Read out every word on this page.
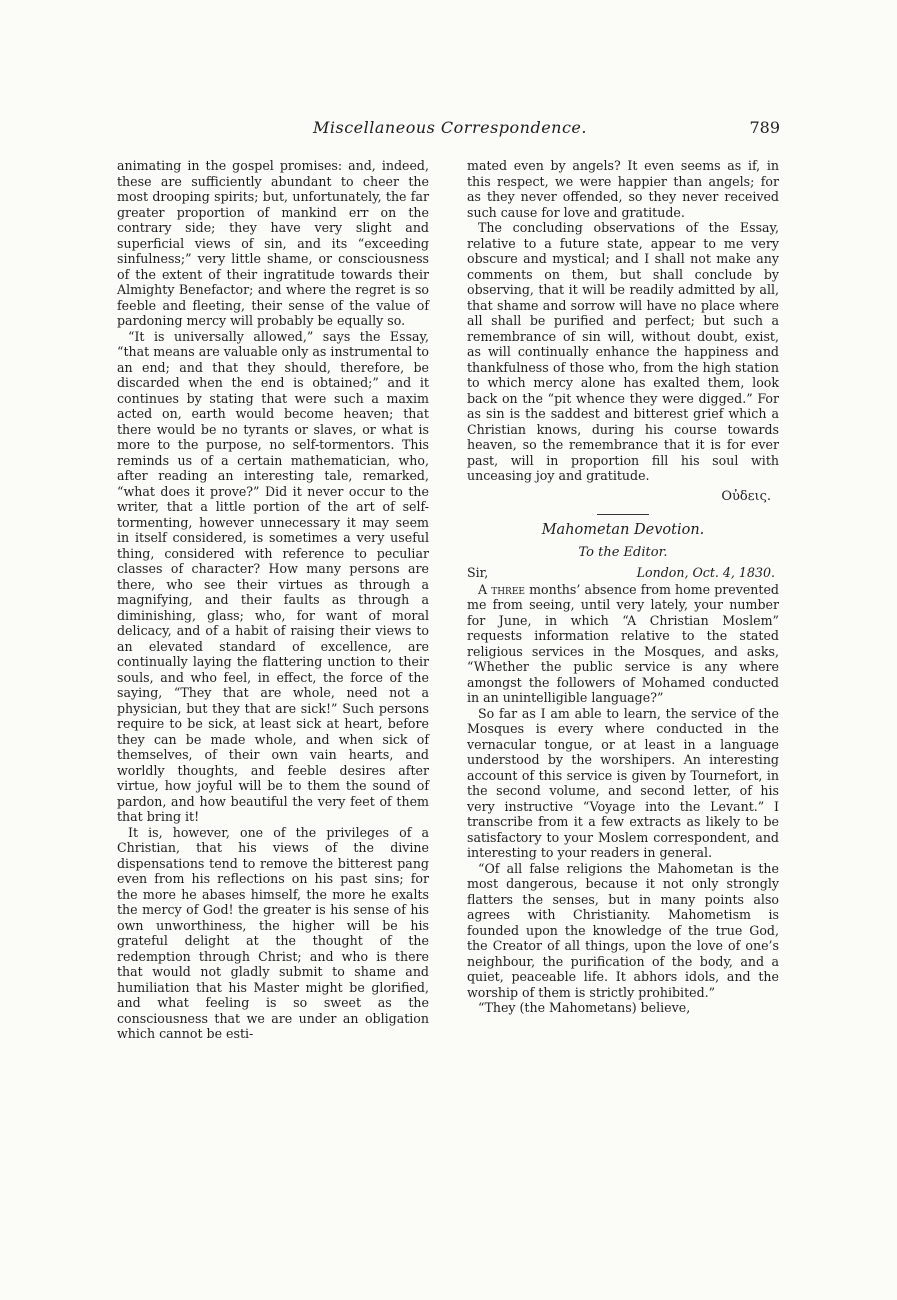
Miscellaneous Correspondence.	789

animating in the gospel promises: and, indeed, these are sufficiently abundant to cheer the most drooping spirits; but, unfortunately, the far greater proportion of mankind err on the contrary side; they have very slight and superficial views of sin, and its “exceeding sinfulness;” very little shame, or consciousness of the extent of their ingratitude towards their Almighty Benefactor; and where the regret is so feeble and fleeting, their sense of the value of pardoning mercy will probably be equally so.

“It is universally allowed,” says the Essay, “that means are valuable only as instrumental to an end; and that they should, therefore, be discarded when the end is obtained;” and it continues by stating that were such a maxim acted on, earth would become heaven; that there would be no tyrants or slaves, or what is more to the purpose, no self-tormentors. This reminds us of a certain mathematician, who, after reading an interesting tale, remarked, “what does it prove?” Did it never occur to the writer, that a little portion of the art of self-tormenting, however unnecessary it may seem in itself considered, is sometimes a very useful thing, considered with reference to peculiar classes of character? How many persons are there, who see their virtues as through a magnifying, and their faults as through a diminishing, glass; who, for want of moral delicacy, and of a habit of raising their views to an elevated standard of excellence, are continually laying the flattering unction to their souls, and who feel, in effect, the force of the saying, “They that are whole, need not a physician, but they that are sick!” Such persons require to be sick, at least sick at heart, before they can be made whole, and when sick of themselves, of their own vain hearts, and worldly thoughts, and feeble desires after virtue, how joyful will be to them the sound of pardon, and how beautiful the very feet of them that bring it!

It is, however, one of the privileges of a Christian, that his views of the divine dispensations tend to remove the bitterest pang even from his reflections on his past sins; for the more he abases himself, the more he exalts the mercy of God! the greater is his sense of his own unworthiness, the higher will be his grateful delight at the thought of the redemption through Christ; and who is there that would not gladly submit to shame and humiliation that his Master might be glorified, and what feeling is so sweet as the consciousness that we are under an obligation which cannot be esti-

mated even by angels? It even seems as if, in this respect, we were happier than angels; for as they never offended, so they never received such cause for love and gratitude.

The concluding observations of the Essay, relative to a future state, appear to me very obscure and mystical; and I shall not make any comments on them, but shall conclude by observing, that it will be readily admitted by all, that shame and sorrow will have no place where all shall be purified and perfect; but such a remembrance of sin will, without doubt, exist, as will continually enhance the happiness and thankfulness of those who, from the high station to which mercy alone has exalted them, look back on the “pit whence they were digged.” For as sin is the saddest and bitterest grief which a Christian knows, during his course towards heaven, so the remembrance that it is for ever past, will in proportion fill his soul with unceasing joy and gratitude.

Οὐδεις.
Mahometan Devotion.
To the Editor.
Sir,	London, Oct. 4, 1830.

A three months’ absence from home prevented me from seeing, until very lately, your number for June, in which “A Christian Moslem” requests information relative to the stated religious services in the Mosques, and asks, “Whether the public service is any where amongst the followers of Mohamed conducted in an unintelligible language?”

So far as I am able to learn, the service of the Mosques is every where conducted in the vernacular tongue, or at least in a language understood by the worshipers. An interesting account of this service is given by Tournefort, in the second volume, and second letter, of his very instructive “Voyage into the Levant.” I transcribe from it a few extracts as likely to be satisfactory to your Moslem correspondent, and interesting to your readers in general.

“Of all false religions the Mahometan is the most dangerous, because it not only strongly flatters the senses, but in many points also agrees with Christianity. Mahometism is founded upon the knowledge of the true God, the Creator of all things, upon the love of one’s neighbour, the purification of the body, and a quiet, peaceable life. It abhors idols, and the worship of them is strictly prohibited.”

“They (the Mahometans) believe,
